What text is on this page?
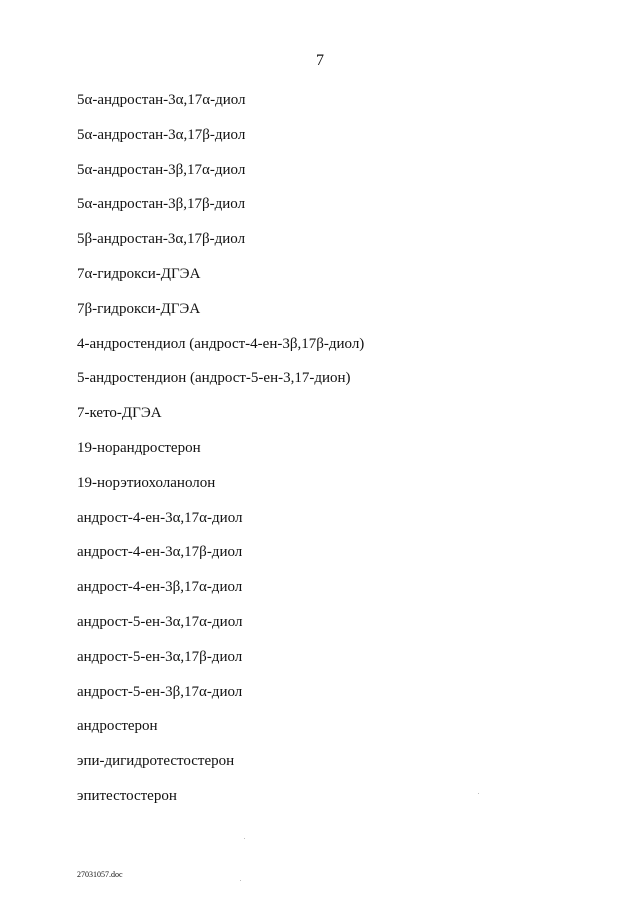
7
5α-андростан-3α,17α-диол
5α-андростан-3α,17β-диол
5α-андростан-3β,17α-диол
5α-андростан-3β,17β-диол
5β-андростан-3α,17β-диол
7α-гидрокси-ДГЭА
7β-гидрокси-ДГЭА
4-андростендиол (андрост-4-ен-3β,17β-диол)
5-андростендион (андрост-5-ен-3,17-дион)
7-кето-ДГЭА
19-норандростерон
19-норэтиохоланолон
андрост-4-ен-3α,17α-диол
андрост-4-ен-3α,17β-диол
андрост-4-ен-3β,17α-диол
андрост-5-ен-3α,17α-диол
андрост-5-ен-3α,17β-диол
андрост-5-ен-3β,17α-диол
андростерон
эпи-дигидротестостерон
эпитестостерон
27031057.doc
